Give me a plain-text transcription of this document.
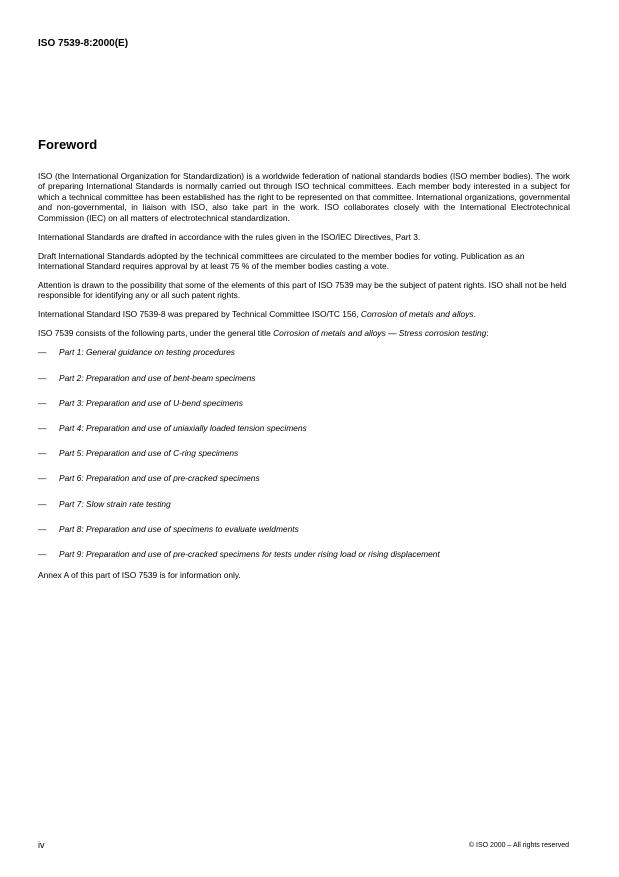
ISO 7539-8:2000(E)

Foreword

ISO (the International Organization for Standardization) is a worldwide federation of national standards bodies (ISO member bodies). The work of preparing International Standards is normally carried out through ISO technical committees. Each member body interested in a subject for which a technical committee has been established has the right to be represented on that committee. International organizations, governmental and non-governmental, in liaison with ISO, also take part in the work. ISO collaborates closely with the International Electrotechnical Commission (IEC) on all matters of electrotechnical standardization.

International Standards are drafted in accordance with the rules given in the ISO/IEC Directives, Part 3.

Draft International Standards adopted by the technical committees are circulated to the member bodies for voting. Publication as an International Standard requires approval by at least 75 % of the member bodies casting a vote.

Attention is drawn to the possibility that some of the elements of this part of ISO 7539 may be the subject of patent rights. ISO shall not be held responsible for identifying any or all such patent rights.

International Standard ISO 7539-8 was prepared by Technical Committee ISO/TC 156, Corrosion of metals and alloys.

ISO 7539 consists of the following parts, under the general title Corrosion of metals and alloys — Stress corrosion testing:

— Part 1: General guidance on testing procedures
— Part 2: Preparation and use of bent-beam specimens
— Part 3: Preparation and use of U-bend specimens
— Part 4: Preparation and use of uniaxially loaded tension specimens
— Part 5: Preparation and use of C-ring specimens
— Part 6: Preparation and use of pre-cracked specimens
— Part 7: Slow strain rate testing
— Part 8: Preparation and use of specimens to evaluate weldments
— Part 9: Preparation and use of pre-cracked specimens for tests under rising load or rising displacement

Annex A of this part of ISO 7539 is for information only.

iv	© ISO 2000 – All rights reserved
